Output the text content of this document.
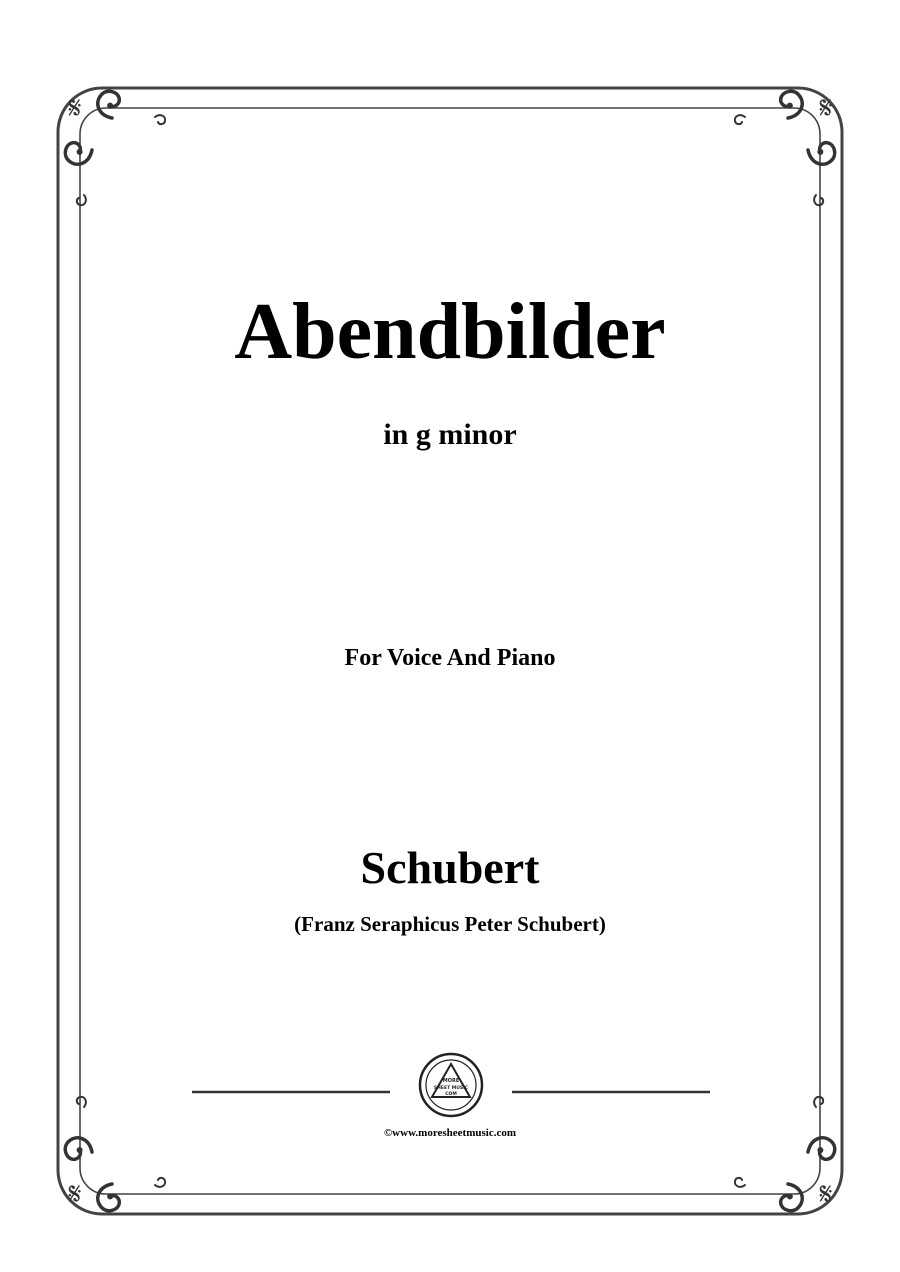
𝄋	𝄋
𝄋	𝄋
Abendbilder

in g minor

For Voice And Piano

Schubert

(Franz Seraphicus Peter Schubert)

MORE
SHEET MUSIC
COM

©www.moresheetmusic.com
